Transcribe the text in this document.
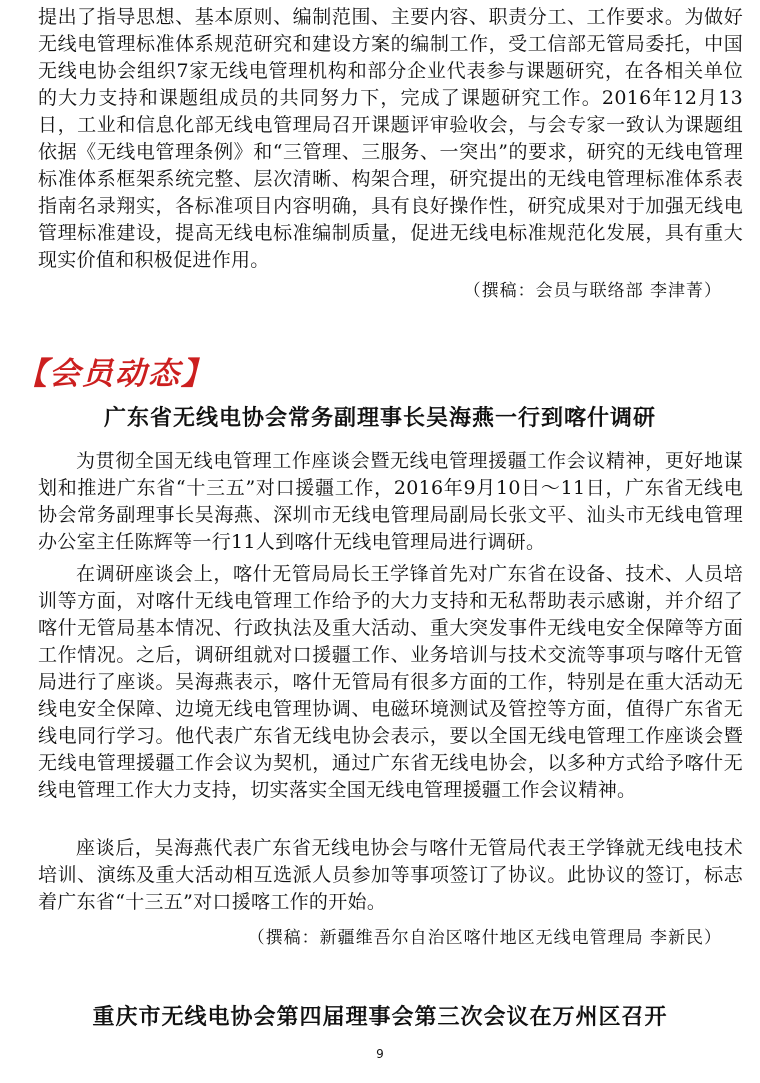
提出了指导思想、基本原则、编制范围、主要内容、职责分工、工作要求。为做好无线电管理标准体系规范研究和建设方案的编制工作，受工信部无管局委托，中国无线电协会组织7家无线电管理机构和部分企业代表参与课题研究，在各相关单位的大力支持和课题组成员的共同努力下，完成了课题研究工作。2016年12月13日，工业和信息化部无线电管理局召开课题评审验收会，与会专家一致认为课题组依据《无线电管理条例》和“三管理、三服务、一突出”的要求，研究的无线电管理标准体系框架系统完整、层次清晰、构架合理，研究提出的无线电管理标准体系表指南名录翔实，各标准项目内容明确，具有良好操作性，研究成果对于加强无线电管理标准建设，提高无线电标准编制质量，促进无线电标准规范化发展，具有重大现实价值和积极促进作用。

（撰稿：会员与联络部 李津菁）

【会员动态】
广东省无线电协会常务副理事长吴海燕一行到喀什调研

为贯彻全国无线电管理工作座谈会暨无线电管理援疆工作会议精神，更好地谋划和推进广东省“十三五”对口援疆工作，2016年9月10日～11日，广东省无线电协会常务副理事长吴海燕、深圳市无线电管理局副局长张文平、汕头市无线电管理办公室主任陈辉等一行11人到喀什无线电管理局进行调研。

在调研座谈会上，喀什无管局局长王学锋首先对广东省在设备、技术、人员培训等方面，对喀什无线电管理工作给予的大力支持和无私帮助表示感谢，并介绍了喀什无管局基本情况、行政执法及重大活动、重大突发事件无线电安全保障等方面工作情况。之后，调研组就对口援疆工作、业务培训与技术交流等事项与喀什无管局进行了座谈。吴海燕表示，喀什无管局有很多方面的工作，特别是在重大活动无线电安全保障、边境无线电管理协调、电磁环境测试及管控等方面，值得广东省无线电同行学习。他代表广东省无线电协会表示，要以全国无线电管理工作座谈会暨无线电管理援疆工作会议为契机，通过广东省无线电协会，以多种方式给予喀什无线电管理工作大力支持，切实落实全国无线电管理援疆工作会议精神。

座谈后，吴海燕代表广东省无线电协会与喀什无管局代表王学锋就无线电技术培训、演练及重大活动相互选派人员参加等事项签订了协议。此协议的签订，标志着广东省“十三五”对口援喀工作的开始。

（撰稿：新疆维吾尔自治区喀什地区无线电管理局 李新民）

重庆市无线电协会第四届理事会第三次会议在万州区召开
9
